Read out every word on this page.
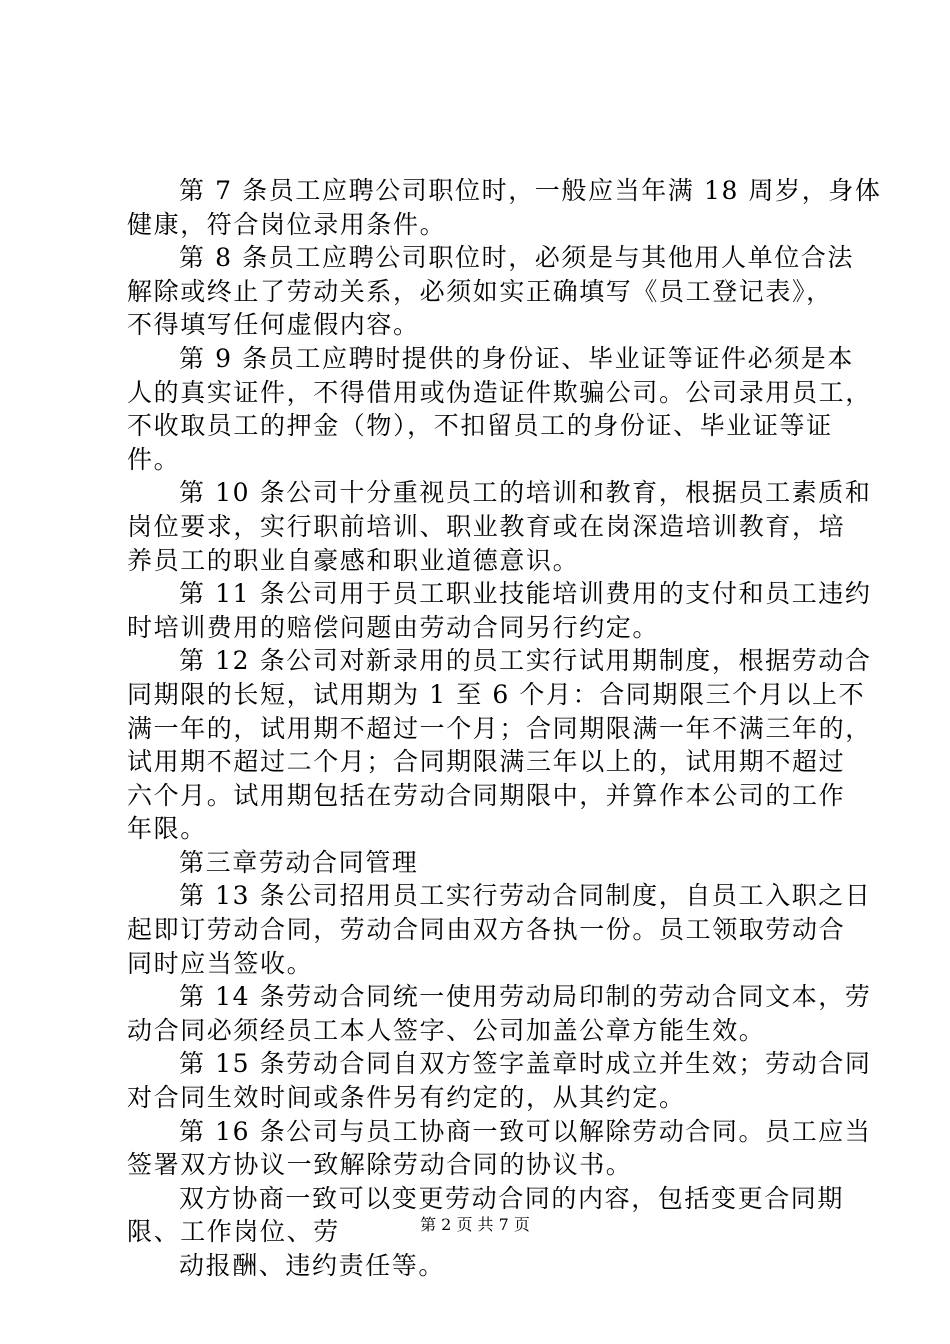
第 7 条员工应聘公司职位时，一般应当年满 18 周岁，身体
健康，符合岗位录用条件。
第 8 条员工应聘公司职位时，必须是与其他用人单位合法
解除或终止了劳动关系，必须如实正确填写《员工登记表》，
不得填写任何虚假内容。
第 9 条员工应聘时提供的身份证、毕业证等证件必须是本
人的真实证件，不得借用或伪造证件欺骗公司。公司录用员工，
不收取员工的押金（物），不扣留员工的身份证、毕业证等证
件。
第 10 条公司十分重视员工的培训和教育，根据员工素质和
岗位要求，实行职前培训、职业教育或在岗深造培训教育，培
养员工的职业自豪感和职业道德意识。
第 11 条公司用于员工职业技能培训费用的支付和员工违约
时培训费用的赔偿问题由劳动合同另行约定。
第 12 条公司对新录用的员工实行试用期制度，根据劳动合
同期限的长短，试用期为 1 至 6 个月：合同期限三个月以上不
满一年的，试用期不超过一个月；合同期限满一年不满三年的，
试用期不超过二个月；合同期限满三年以上的，试用期不超过
六个月。试用期包括在劳动合同期限中，并算作本公司的工作
年限。
第三章劳动合同管理
第 13 条公司招用员工实行劳动合同制度，自员工入职之日
起即订劳动合同，劳动合同由双方各执一份。员工领取劳动合
同时应当签收。
第 14 条劳动合同统一使用劳动局印制的劳动合同文本，劳
动合同必须经员工本人签字、公司加盖公章方能生效。
第 15 条劳动合同自双方签字盖章时成立并生效；劳动合同
对合同生效时间或条件另有约定的，从其约定。
第 16 条公司与员工协商一致可以解除劳动合同。员工应当
签署双方协议一致解除劳动合同的协议书。
双方协商一致可以变更劳动合同的内容，包括变更合同期
限、工作岗位、劳
动报酬、违约责任等。
第 2 页 共 7 页
